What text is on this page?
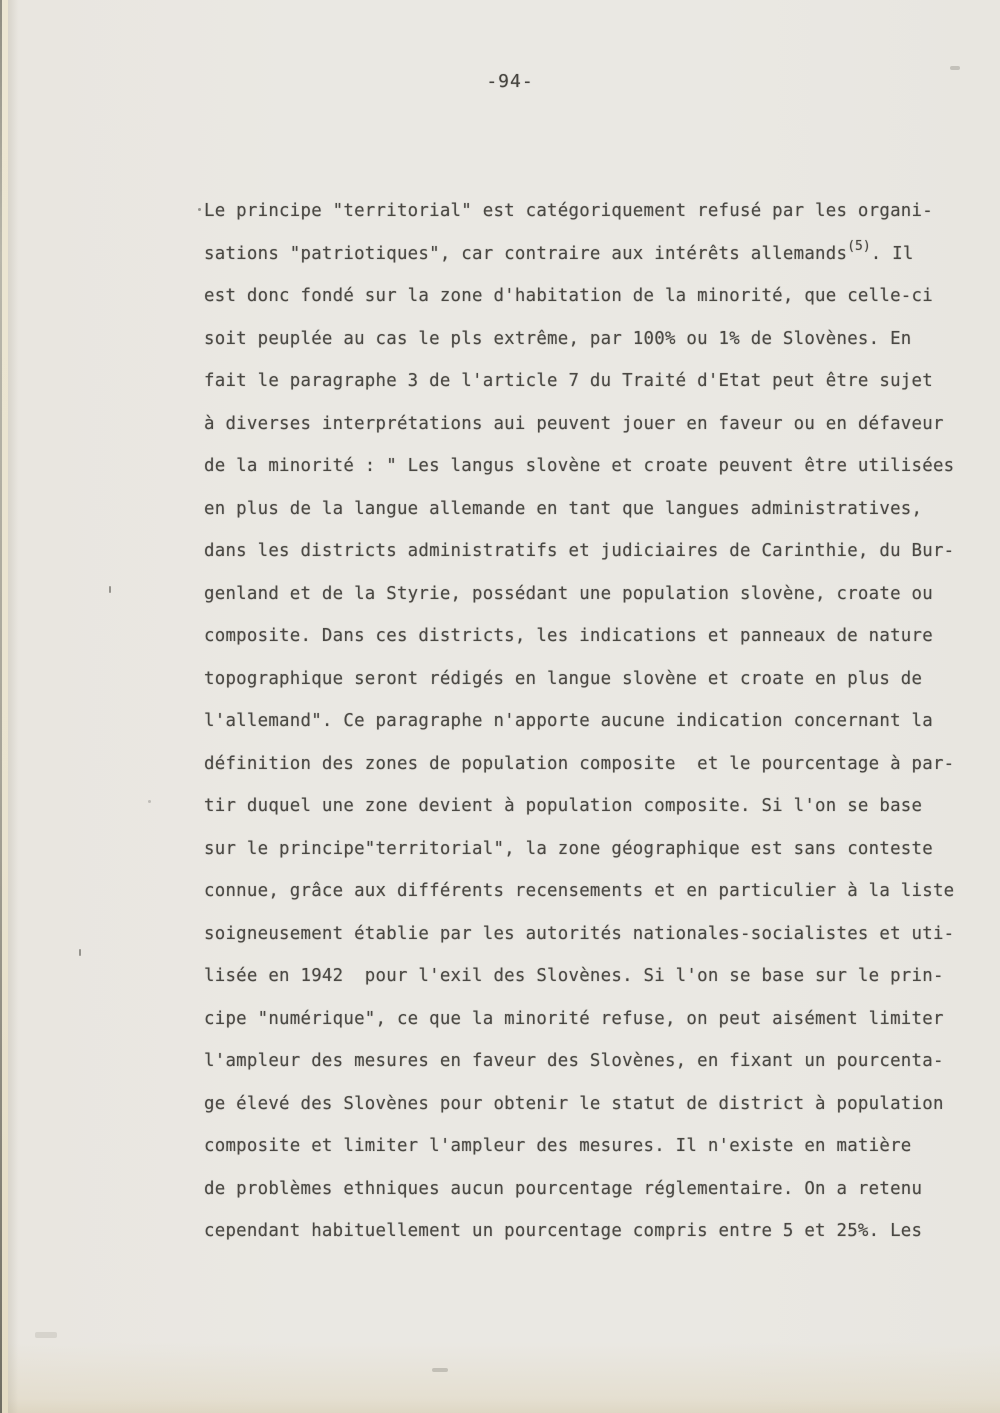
-94-
Le principe "territorial" est catégoriquement refusé par les organi-
sations "patriotiques", car contraire aux intérêts allemands$^{(5)}$. Il
est donc fondé sur la zone d'habitation de la minorité, que celle-ci
soit peuplée au cas le pls extrême, par 100% ou 1% de Slovènes. En
fait le paragraphe 3 de l'article 7 du Traité d'Etat peut être sujet
à diverses interprétations aui peuvent jouer en faveur ou en défaveur
de la minorité : " Les langus slovène et croate peuvent être utilisées
en plus de la langue allemande en tant que langues administratives,
dans les districts administratifs et judiciaires de Carinthie, du Bur-
genland et de la Styrie, possédant une population slovène, croate ou
composite. Dans ces districts, les indications et panneaux de nature
topographique seront rédigés en langue slovène et croate en plus de
l'allemand". Ce paragraphe n'apporte aucune indication concernant la
définition des zones de population composite  et le pourcentage à par-
tir duquel une zone devient à population composite. Si l'on se base
sur le principe"territorial", la zone géographique est sans conteste
connue, grâce aux différents recensements et en particulier à la liste
soigneusement établie par les autorités nationales-socialistes et uti-
lisée en 1942  pour l'exil des Slovènes. Si l'on se base sur le prin-
cipe "numérique", ce que la minorité refuse, on peut aisément limiter
l'ampleur des mesures en faveur des Slovènes, en fixant un pourcenta-
ge élevé des Slovènes pour obtenir le statut de district à population
composite et limiter l'ampleur des mesures. Il n'existe en matière
de problèmes ethniques aucun pourcentage réglementaire. On a retenu
cependant habituellement un pourcentage compris entre 5 et 25%. Les
